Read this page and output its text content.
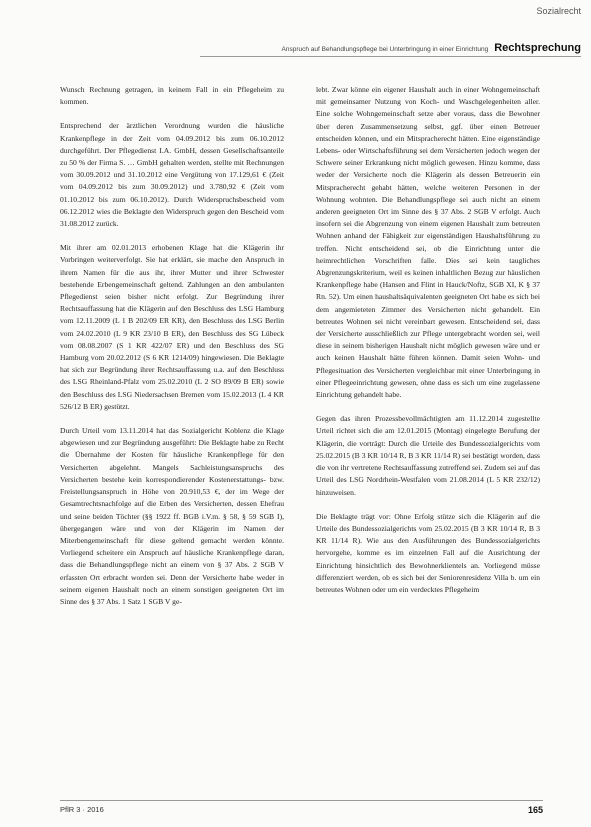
Sozialrecht
Anspruch auf Behandlungspflege bei Unterbringung in einer Einrichtung Rechtsprechung

Wunsch Rechnung getragen, in keinem Fall in ein Pflegeheim zu kommen.

Entsprechend der ärztlichen Verordnung wurden die häusliche Krankenpflege in der Zeit vom 04.09.2012 bis zum 06.10.2012 durchgeführt. Der Pflegedienst I.A. GmbH, dessen Gesellschaftsanteile zu 50 % der Firma S. … GmbH gehalten werden, stellte mit Rechnungen vom 30.09.2012 und 31.10.2012 eine Vergütung von 17.129,61 € (Zeit vom 04.09.2012 bis zum 30.09.2012) und 3.780,92 € (Zeit vom 01.10.2012 bis zum 06.10.2012). Durch Widerspruchsbescheid vom 06.12.2012 wies die Beklagte den Widerspruch gegen den Bescheid vom 31.08.2012 zurück.

Mit ihrer am 02.01.2013 erhobenen Klage hat die Klägerin ihr Vorbringen weiterverfolgt. Sie hat erklärt, sie mache den Anspruch in ihrem Namen für die aus ihr, ihrer Mutter und ihrer Schwester bestehende Erbengemeinschaft geltend. Zahlungen an den ambulanten Pflegedienst seien bisher nicht erfolgt. Zur Begründung ihrer Rechtsauffassung hat die Klägerin auf den Beschluss des LSG Hamburg vom 12.11.2009 (L 1 B 202/09 ER KR), den Beschluss des LSG Berlin vom 24.02.2010 (L 9 KR 23/10 B ER), den Beschluss des SG Lübeck vom 08.08.2007 (S 1 KR 422/07 ER) und den Beschluss des SG Hamburg vom 20.02.2012 (S 6 KR 1214/09) hingewiesen. Die Beklagte hat sich zur Begründung ihrer Rechtsauffassung u.a. auf den Beschluss des LSG Rheinland-Pfalz vom 25.02.2010 (L 2 SO 89/09 B ER) sowie den Beschluss des LSG Niedersachsen Bremen vom 15.02.2013 (L 4 KR 526/12 B ER) gestützt.

Durch Urteil vom 13.11.2014 hat das Sozialgericht Koblenz die Klage abgewiesen und zur Begründung ausgeführt: Die Beklagte habe zu Recht die Übernahme der Kosten für häusliche Krankenpflege für den Versicherten abgelehnt. Mangels Sachleistungsanspruchs des Versicherten bestehe kein korrespondierender Kostenerstattungs- bzw. Freistellungsanspruch in Höhe von 20.910,53 €, der im Wege der Gesamtrechtsnachfolge auf die Erben des Versicherten, dessen Ehefrau und seine beiden Töchter (§§ 1922 ff. BGB i.V.m. § 58, § 59 SGB I), übergegangen wäre und von der Klägerin im Namen der Miterbengemeinschaft für diese geltend gemacht werden könnte. Vorliegend scheitere ein Anspruch auf häusliche Krankenpflege daran, dass die Behandlungspflege nicht an einem von § 37 Abs. 2 SGB V erfassten Ort erbracht worden sei. Denn der Versicherte habe weder in seinem eigenen Haushalt noch an einem sonstigen geeigneten Ort im Sinne des § 37 Abs. 1 Satz 1 SGB V ge-

lebt. Zwar könne ein eigener Haushalt auch in einer Wohngemeinschaft mit gemeinsamer Nutzung von Koch- und Waschgelegenheiten aller. Eine solche Wohngemeinschaft setze aber voraus, dass die Bewohner über deren Zusammensetzung selbst, ggf. über einen Betreuer entscheiden können, und ein Mitspracherecht hätten. Eine eigenständige Lebens- oder Wirtschaftsführung sei dem Versicherten jedoch wegen der Schwere seiner Erkrankung nicht möglich gewesen. Hinzu komme, dass weder der Versicherte noch die Klägerin als dessen Betreuerin ein Mitspracherecht gehabt hätten, welche weiteren Personen in der Wohnung wohnten. Die Behandlungspflege sei auch nicht an einem anderen geeigneten Ort im Sinne des § 37 Abs. 2 SGB V erfolgt. Auch insofern sei die Abgrenzung von einem eigenen Haushalt zum betreuten Wohnen anhand der Fähigkeit zur eigenständigen Haushaltsführung zu treffen. Nicht entscheidend sei, ob die Einrichtung unter die heimrechtlichen Vorschriften falle. Dies sei kein taugliches Abgrenzungskriterium, weil es keinen inhaltlichen Bezug zur häuslichen Krankenpflege habe (Hansen and Flint in Hauck/Noftz, SGB XI, K § 37 Rn. 52). Um einen haushaltsäquivalenten geeigneten Ort habe es sich bei dem angemieteten Zimmer des Versicherten nicht gehandelt. Ein betreutes Wohnen sei nicht vereinbart gewesen. Entscheidend sei, dass der Versicherte ausschließlich zur Pflege untergebracht worden sei, weil diese in seinem bisherigen Haushalt nicht möglich gewesen wäre und er auch keinen Haushalt hätte führen können. Damit seien Wohn- und Pflegesituation des Versicherten vergleichbar mit einer Unterbringung in einer Pflegeeinrichtung gewesen, ohne dass es sich um eine zugelassene Einrichtung gehandelt habe.

Gegen das ihren Prozessbevollmächtigten am 11.12.2014 zugestellte Urteil richtet sich die am 12.01.2015 (Montag) eingelegte Berufung der Klägerin, die vorträgt: Durch die Urteile des Bundessozialgerichts vom 25.02.2015 (B 3 KR 10/14 R, B 3 KR 11/14 R) sei bestätigt worden, dass die von ihr vertretene Rechtsauffassung zutreffend sei. Zudem sei auf das Urteil des LSG Nordrhein-Westfalen vom 21.08.2014 (L 5 KR 232/12) hinzuweisen.

Die Beklagte trägt vor: Ohne Erfolg stütze sich die Klägerin auf die Urteile des Bundessozialgerichts vom 25.02.2015 (B 3 KR 10/14 R, B 3 KR 11/14 R). Wie aus den Ausführungen des Bundessozialgerichts hervorgehe, komme es im einzelnen Fall auf die Ausrichtung der Einrichtung hinsichtlich des Bewohnerklientels an. Vorliegend müsse differenziert werden, ob es sich bei der Seniorenresidenz Villa b. um ein betreutes Wohnen oder um ein verdecktes Pflegeheim

PflR 3 · 2016	165
